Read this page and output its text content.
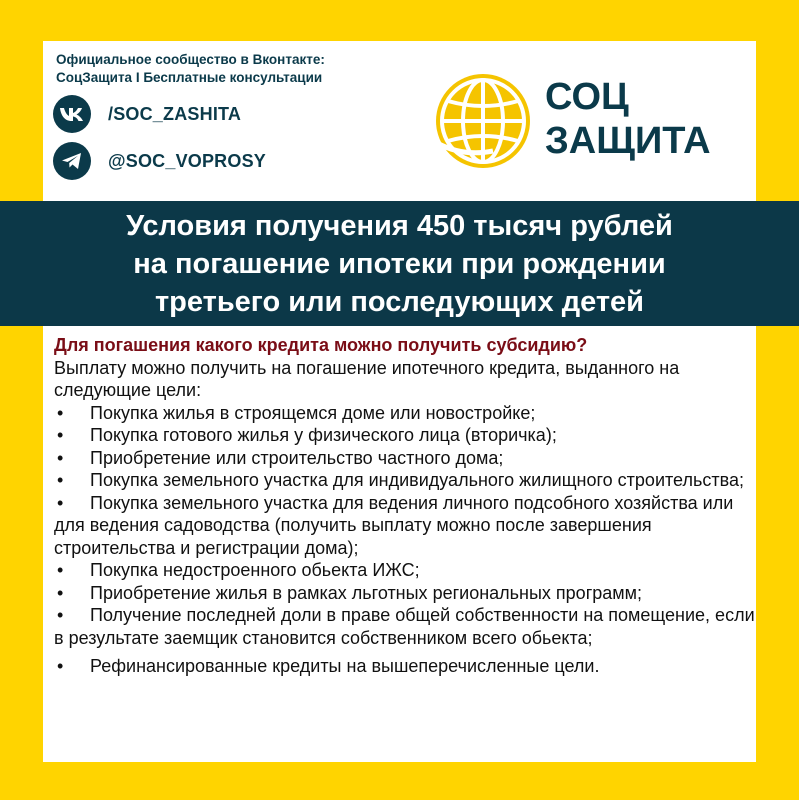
Официальное сообщество в Вконтакте:
СоцЗащита I Бесплатные консультации
/SOC_ZASHITA
@SOC_VOPROSY
СОЦ
ЗАЩИТА
Условия получения 450 тысяч рублей
на погашение ипотеки при рождении
третьего или последующих детей
Для погашения какого кредита можно получить субсидию?
Выплату можно получить на погашение ипотечного кредита, выданного на следующие цели:
• Покупка жилья в строящемся доме или новостройке;
• Покупка готового жилья у физического лица (вторичка);
• Приобретение или строительство частного дома;
• Покупка земельного участка для индивидуального жилищного строительства;
• Покупка земельного участка для ведения личного подсобного хозяйства или для ведения садоводства (получить выплату можно после завершения строительства и регистрации дома);
• Покупка недостроенного обьекта ИЖС;
• Приобретение жилья в рамках льготных региональных программ;
• Получение последней доли в праве общей собственности на помещение, если в результате заемщик становится собственником всего обьекта;
• Рефинансированные кредиты на вышеперечисленные цели.
